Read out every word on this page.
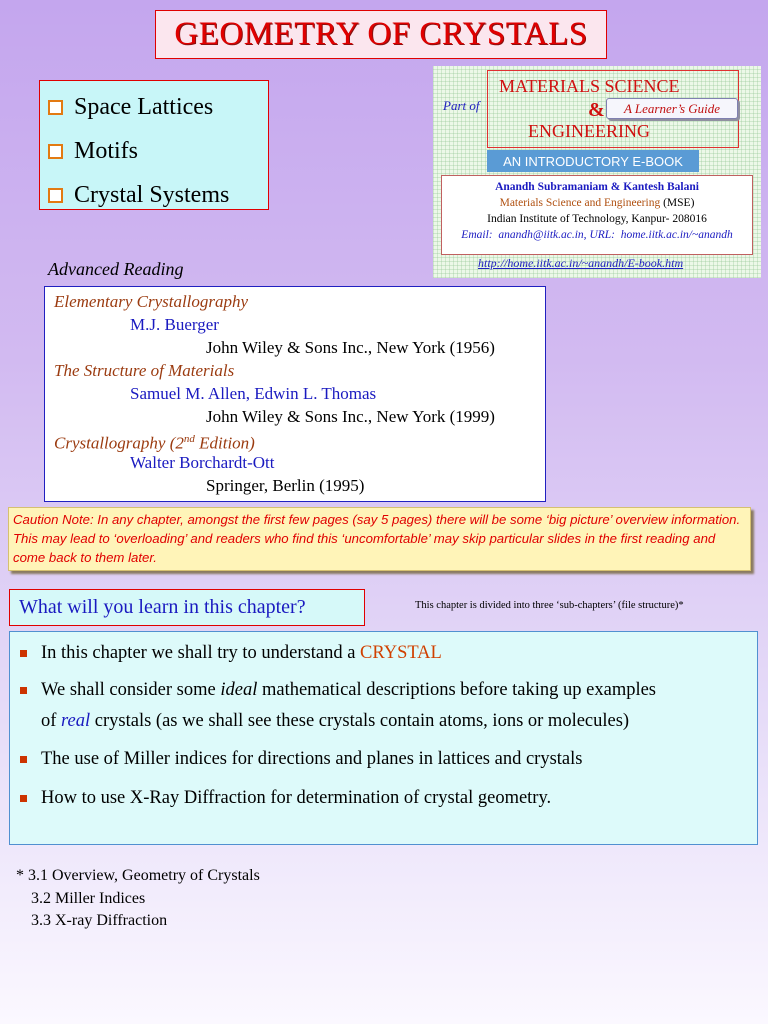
GEOMETRY OF CRYSTALS
Space Lattices
Motifs
Crystal Systems
Part of
MATERIALS SCIENCE
&	A Learner’s Guide
ENGINEERING
AN INTRODUCTORY E-BOOK
Anandh Subramaniam & Kantesh Balani
Materials Science and Engineering (MSE)
Indian Institute of Technology, Kanpur- 208016
Email: anandh@iitk.ac.in, URL: home.iitk.ac.in/~anandh
http://home.iitk.ac.in/~anandh/E-book.htm
Advanced Reading
Elementary Crystallography
M.J. Buerger
John Wiley & Sons Inc., New York (1956)
The Structure of Materials
Samuel M. Allen, Edwin L. Thomas
John Wiley & Sons Inc., New York (1999)
Crystallography (2nd Edition)
Walter Borchardt-Ott
Springer, Berlin (1995)
Caution Note: In any chapter, amongst the first few pages (say 5 pages) there will be some ‘big picture’ overview information. This may lead to ‘overloading’ and readers who find this ‘uncomfortable’ may skip particular slides in the first reading and come back to them later.
What will you learn in this chapter?	This chapter is divided into three ‘sub-chapters’ (file structure)*
In this chapter we shall try to understand a CRYSTAL
We shall consider some ideal mathematical descriptions before taking up examples
of real crystals (as we shall see these crystals contain atoms, ions or molecules)
The use of Miller indices for directions and planes in lattices and crystals
How to use X-Ray Diffraction for determination of crystal geometry.
* 3.1 Overview, Geometry of Crystals
3.2 Miller Indices
3.3 X-ray Diffraction
